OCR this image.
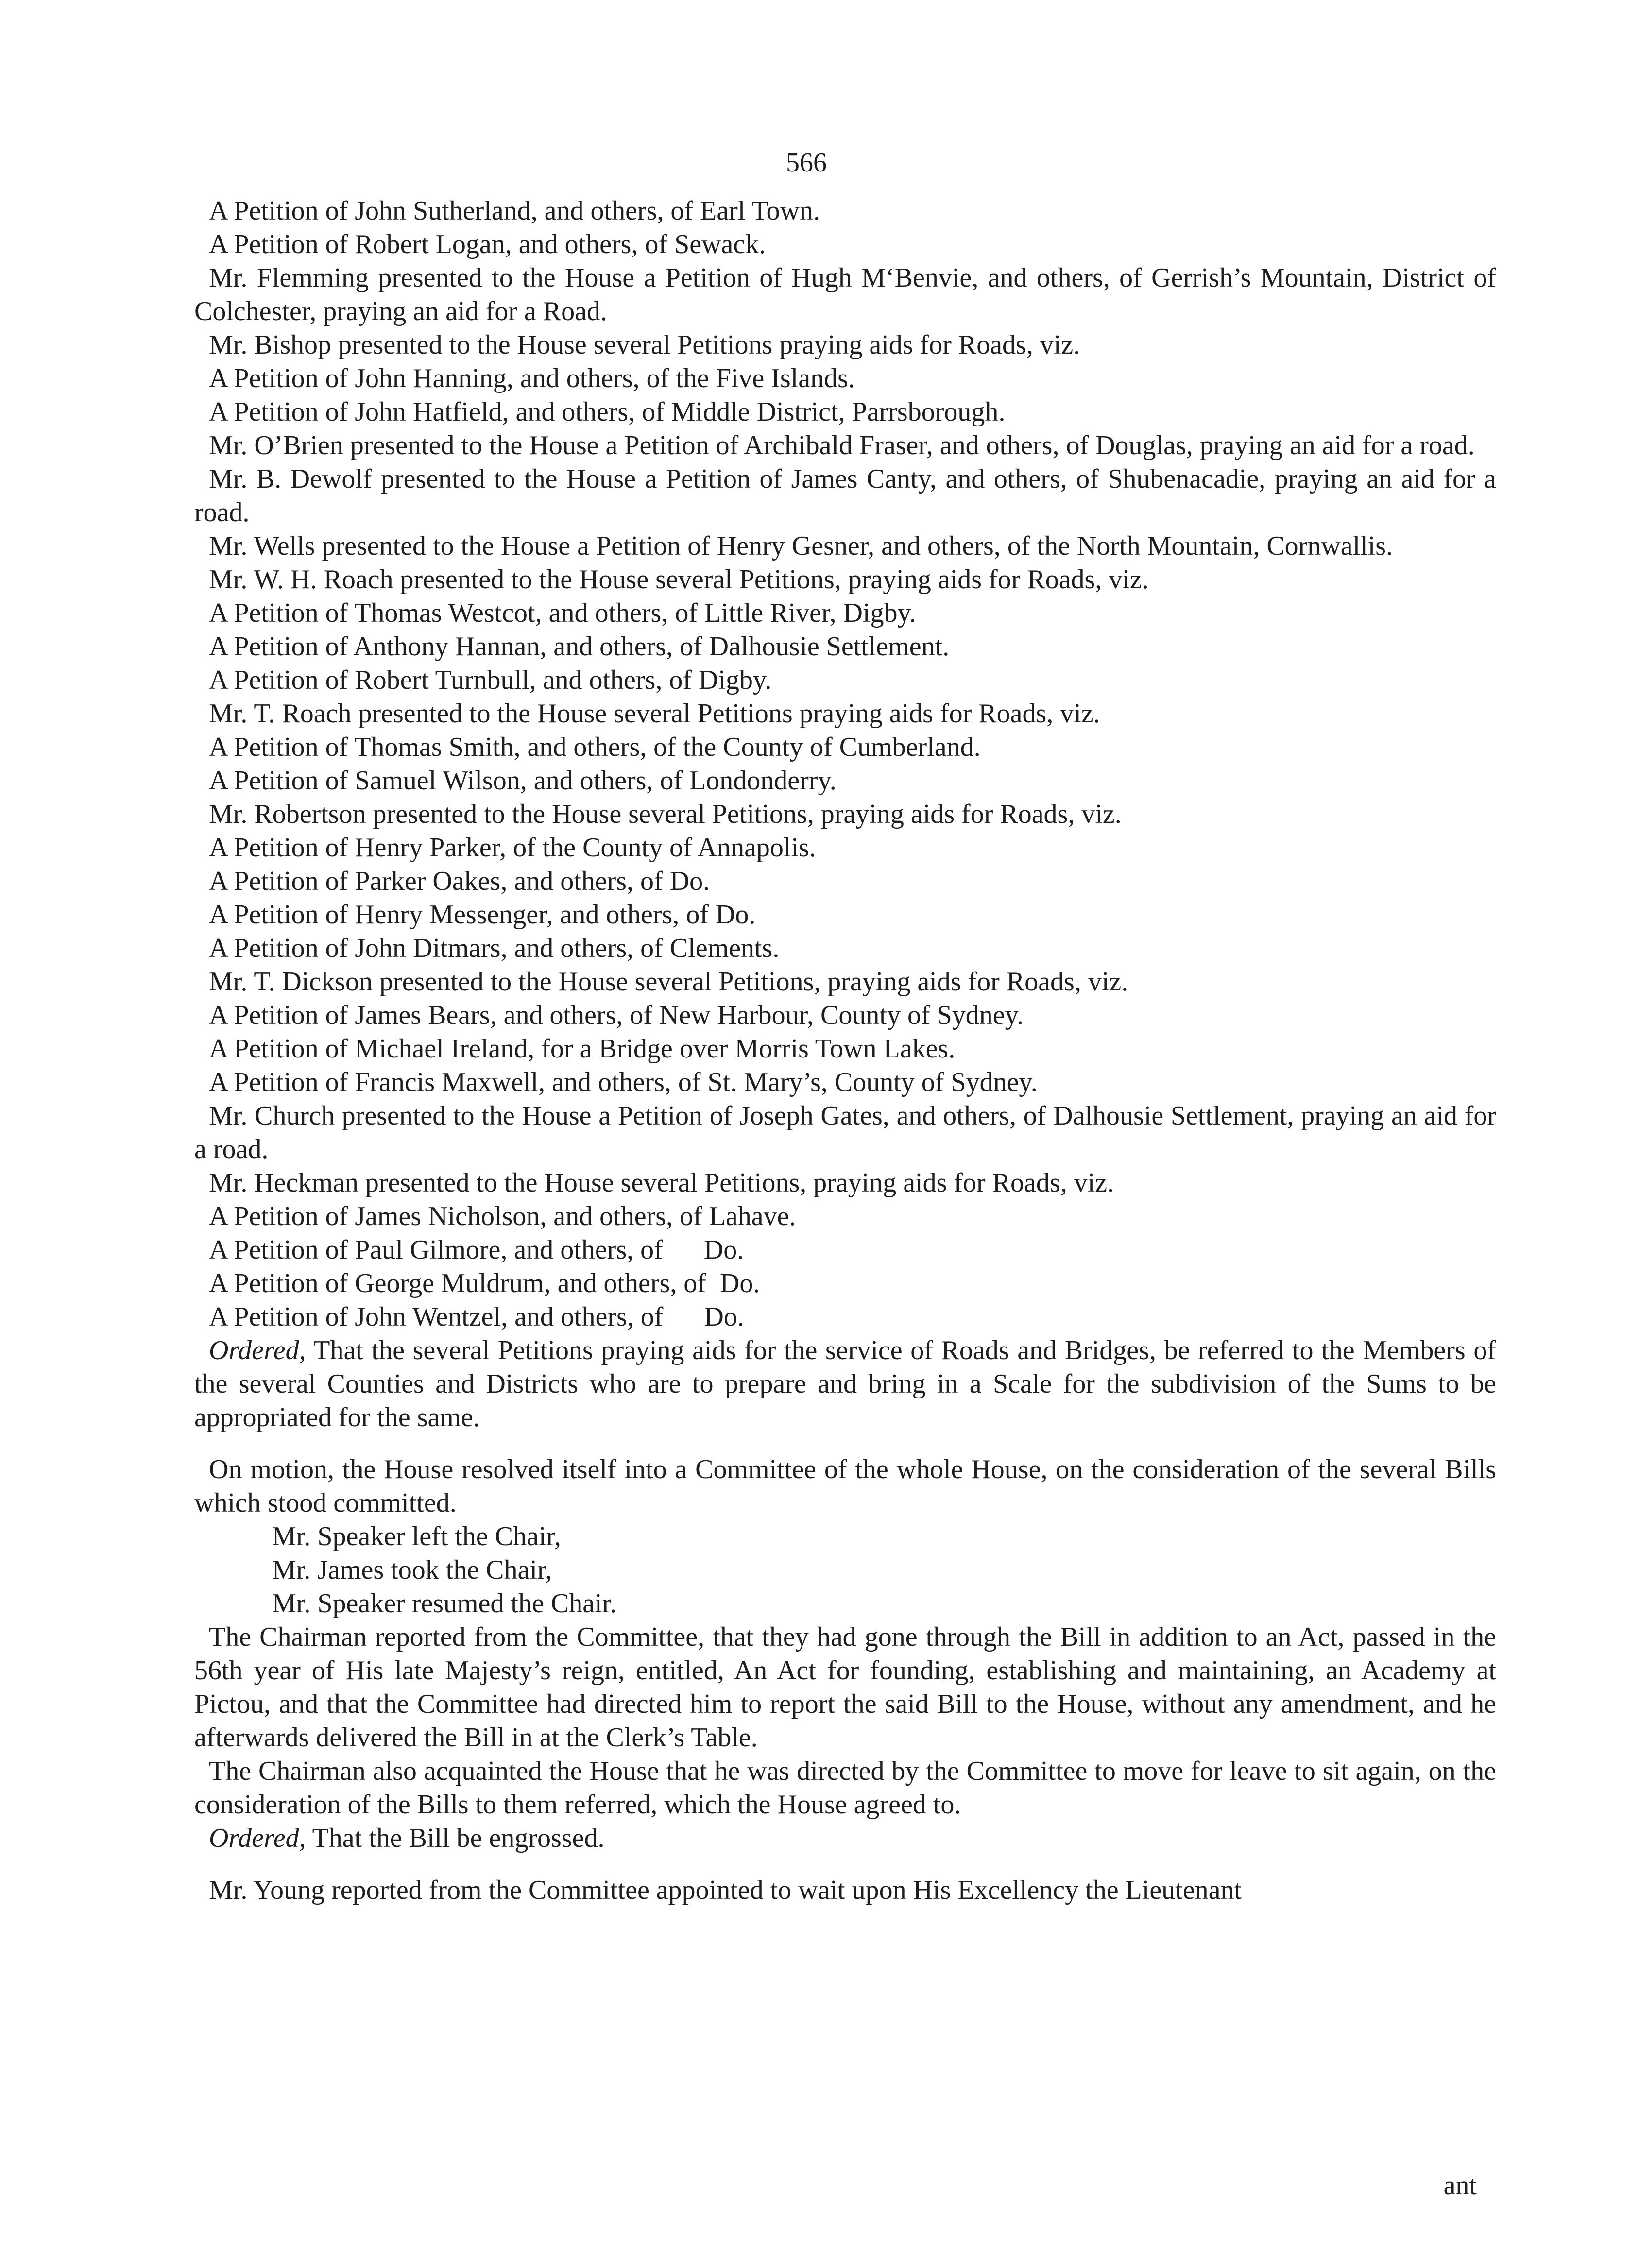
566

A Petition of John Sutherland, and others, of Earl Town.

A Petition of Robert Logan, and others, of Sewack.

Mr. Flemming presented to the House a Petition of Hugh M‘Benvie, and others, of Gerrish’s Mountain, District of Colchester, praying an aid for a Road.

Mr. Bishop presented to the House several Petitions praying aids for Roads, viz.

A Petition of John Hanning, and others, of the Five Islands.

A Petition of John Hatfield, and others, of Middle District, Parrsborough.

Mr. O’Brien presented to the House a Petition of Archibald Fraser, and others, of Douglas, praying an aid for a road.

Mr. B. Dewolf presented to the House a Petition of James Canty, and others, of Shubenacadie, praying an aid for a road.

Mr. Wells presented to the House a Petition of Henry Gesner, and others, of the North Mountain, Cornwallis.

Mr. W. H. Roach presented to the House several Petitions, praying aids for Roads, viz.

A Petition of Thomas Westcot, and others, of Little River, Digby.

A Petition of Anthony Hannan, and others, of Dalhousie Settlement.

A Petition of Robert Turnbull, and others, of Digby.

Mr. T. Roach presented to the House several Petitions praying aids for Roads, viz.

A Petition of Thomas Smith, and others, of the County of Cumberland.

A Petition of Samuel Wilson, and others, of Londonderry.

Mr. Robertson presented to the House several Petitions, praying aids for Roads, viz.

A Petition of Henry Parker, of the County of Annapolis.

A Petition of Parker Oakes, and others, of Do.

A Petition of Henry Messenger, and others, of Do.

A Petition of John Ditmars, and others, of Clements.

Mr. T. Dickson presented to the House several Petitions, praying aids for Roads, viz.

A Petition of James Bears, and others, of New Harbour, County of Sydney.

A Petition of Michael Ireland, for a Bridge over Morris Town Lakes.

A Petition of Francis Maxwell, and others, of St. Mary’s, County of Sydney.

Mr. Church presented to the House a Petition of Joseph Gates, and others, of Dalhousie Settlement, praying an aid for a road.

Mr. Heckman presented to the House several Petitions, praying aids for Roads, viz.

A Petition of James Nicholson, and others, of Lahave.

A Petition of Paul Gilmore, and others, of      Do.

A Petition of George Muldrum, and others, of  Do.

A Petition of John Wentzel, and others, of      Do.

Ordered, That the several Petitions praying aids for the service of Roads and Bridges, be referred to the Members of the several Counties and Districts who are to prepare and bring in a Scale for the subdivision of the Sums to be appropriated for the same.

On motion, the House resolved itself into a Committee of the whole House, on the consideration of the several Bills which stood committed.

Mr. Speaker left the Chair,

Mr. James took the Chair,

Mr. Speaker resumed the Chair.

The Chairman reported from the Committee, that they had gone through the Bill in addition to an Act, passed in the 56th year of His late Majesty’s reign, entitled, An Act for founding, establishing and maintaining, an Academy at Pictou, and that the Committee had directed him to report the said Bill to the House, without any amendment, and he afterwards delivered the Bill in at the Clerk’s Table.

The Chairman also acquainted the House that he was directed by the Committee to move for leave to sit again, on the consideration of the Bills to them referred, which the House agreed to.

Ordered, That the Bill be engrossed.

Mr. Young reported from the Committee appointed to wait upon His Excellency the Lieutenant

ant
